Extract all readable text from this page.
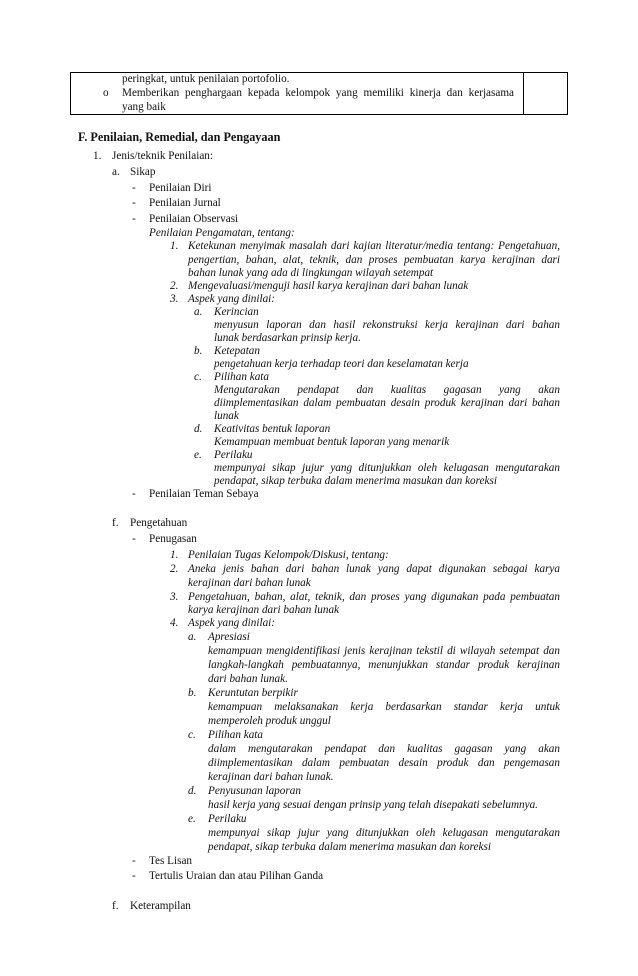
peringkat, untuk penilaian portofolio.
o Memberikan penghargaan kepada kelompok yang memiliki kinerja dan kerjasama
yang baik
F. Penilaian, Remedial, dan Pengayaan
1. Jenis/teknik Penilaian:
a. Sikap
- Penilaian Diri
- Penilaian Jurnal
- Penilaian Observasi
Penilaian Pengamatan, tentang:
1. Ketekunan menyimak masalah dari kajian literatur/media tentang: Pengetahuan,
pengertian, bahan, alat, teknik, dan proses pembuatan karya kerajinan dari
bahan lunak yang ada di lingkungan wilayah setempat
2. Mengevaluasi/menguji hasil karya kerajinan dari bahan lunak
3. Aspek yang dinilai:
a. Kerincian
menyusun laporan dan hasil rekonstruksi kerja kerajinan dari bahan
lunak berdasarkan prinsip kerja.
b. Ketepatan
pengetahuan kerja terhadap teori dan keselamatan kerja
c. Pilihan kata
Mengutarakan pendapat dan kualitas gagasan yang akan
diimplementasikan dalam pembuatan desain produk kerajinan dari bahan
lunak
d. Keativitas bentuk laporan
Kemampuan membuat bentuk laporan yang menarik
e. Perilaku
mempunyai sikap jujur yang ditunjukkan oleh kelugasan mengutarakan
pendapat, sikap terbuka dalam menerima masukan dan koreksi
- Penilaian Teman Sebaya
f. Pengetahuan
- Penugasan
1. Penilaian Tugas Kelompok/Diskusi, tentang:
2. Aneka jenis bahan dari bahan lunak yang dapat digunakan sebagai karya
kerajinan dari bahan lunak
3. Pengetahuan, bahan, alat, teknik, dan proses yang digunakan pada pembuatan
karya kerajinan dari bahan lunak
4. Aspek yang dinilai:
a. Apresiasi
kemampuan mengidentifikasi jenis kerajinan tekstil di wilayah setempat dan
langkah-langkah pembuatannya, menunjukkan standar produk kerajinan
dari bahan lunak.
b. Keruntutan berpikir
kemampuan melaksanakan kerja berdasarkan standar kerja untuk
memperoleh produk unggul
c. Pilihan kata
dalam mengutarakan pendapat dan kualitas gagasan yang akan
diimplementasikan dalam pembuatan desain produk dan pengemasan
kerajinan dari bahan lunak.
d. Penyusunan laporan
hasil kerja yang sesuai dengan prinsip yang telah disepakati sebelumnya.
e. Perilaku
mempunyai sikap jujur yang ditunjukkan oleh kelugasan mengutarakan
pendapat, sikap terbuka dalam menerima masukan dan koreksi
- Tes Lisan
- Tertulis Uraian dan atau Pilihan Ganda
f. Keterampilan
